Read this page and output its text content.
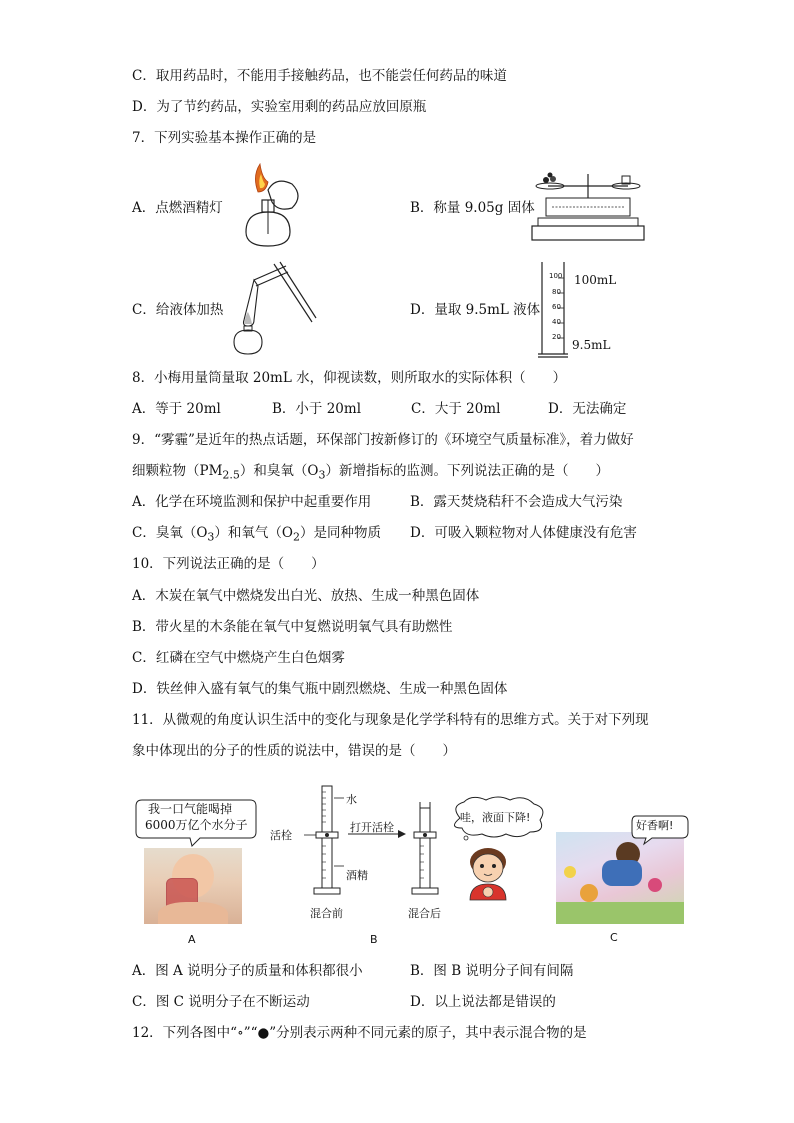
C．取用药品时，不能用手接触药品，也不能尝任何药品的味道
D．为了节约药品，实验室用剩的药品应放回原瓶
7．下列实验基本操作正确的是
A．点燃酒精灯	B．称量 9.05g 固体
C．给液体加热	D．量取 9.5mL 液体
100
80
60
40
20
100mL
9.5mL
8．小梅用量筒量取 20mL 水，仰视读数，则所取水的实际体积（　　）
A．等于 20ml	B．小于 20ml	C．大于 20ml	D．无法确定
9．“雾霾”是近年的热点话题，环保部门按新修订的《环境空气质量标准》，着力做好
细颗粒物$(PM_{2.5})$和臭氧$(O_3)$新增指标的监测。下列说法正确的是（　　）
A．化学在环境监测和保护中起重要作用	B．露天焚烧秸秆不会造成大气污染
C．臭氧$(O_3)$和氧气$(O_2)$是同种物质 D．可吸入颗粒物对人体健康没有危害
10．下列说法正确的是（　　）
A．木炭在氧气中燃烧发出白光、放热、生成一种黑色固体
B．带火星的木条能在氧气中复燃说明氧气具有助燃性
C．红磷在空气中燃烧产生白色烟雾
D．铁丝伸入盛有氧气的集气瓶中剧烈燃烧、生成一种黑色固体
11．从微观的角度认识生活中的变化与现象是化学学科特有的思维方式。关于对下列现
象中体现出的分子的性质的说法中，错误的是（　　）
我一口气能喝掉
6000万亿个水分子
A
水
活栓
打开活栓
酒精
混合前	混合后
哇，液面下降!
B
好香啊!
C
A．图 A 说明分子的质量和体积都很小	B．图 B 说明分子间有间隔
C．图 C 说明分子在不断运动	D．以上说法都是错误的
12．下列各图中“∘”“●”分别表示两种不同元素的原子，其中表示混合物的是
